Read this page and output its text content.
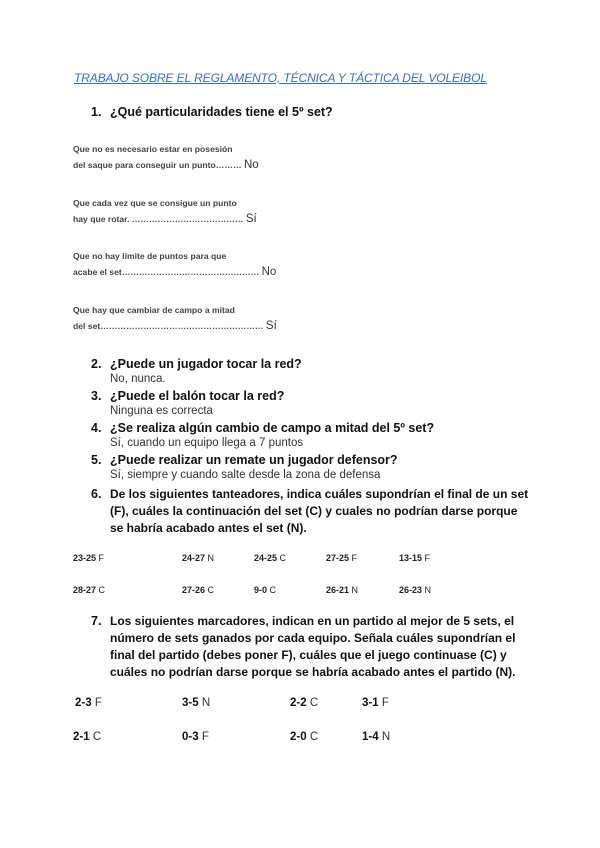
TRABAJO SOBRE EL REGLAMENTO, TÉCNICA Y TÁCTICA DEL VOLEIBOL
1. ¿Qué particularidades tiene el 5º set?
Que no es necesario estar en posesión
del saque para conseguir un punto……… No
Que cada vez que se consigue un punto
hay que rotar. ………………………………… Sí
Que no hay límite de puntos para que
acabe el set………………………………………… No
Que hay que cambiar de campo a mitad
del set………………………………………………… Sí
2. ¿Puede un jugador tocar la red?
No, nunca.
3. ¿Puede el balón tocar la red?
Ninguna es correcta
4. ¿Se realiza algún cambio de campo a mitad del 5º set?
Sí, cuando un equipo llega a 7 puntos
5. ¿Puede realizar un remate un jugador defensor?
Sí, siempre y cuando salte desde la zona de defensa
6. De los siguientes tanteadores, indica cuáles supondrían el final de un set (F), cuáles la continuación del set (C) y cuales no podrían darse porque se habría acabado antes el set (N).
23-25 F	24-27 N	24-25 C	27-25 F	13-15 F
28-27 C	27-26 C	9-0 C	26-21 N	26-23 N
7. Los siguientes marcadores, indican en un partido al mejor de 5 sets, el número de sets ganados por cada equipo. Señala cuáles supondrían el final del partido (debes poner F), cuáles que el juego continuase (C) y cuáles no podrían darse porque se habría acabado antes el partido (N).
2-3 F	3-5 N	2-2 C	3-1 F
2-1 C	0-3 F	2-0 C	1-4 N
